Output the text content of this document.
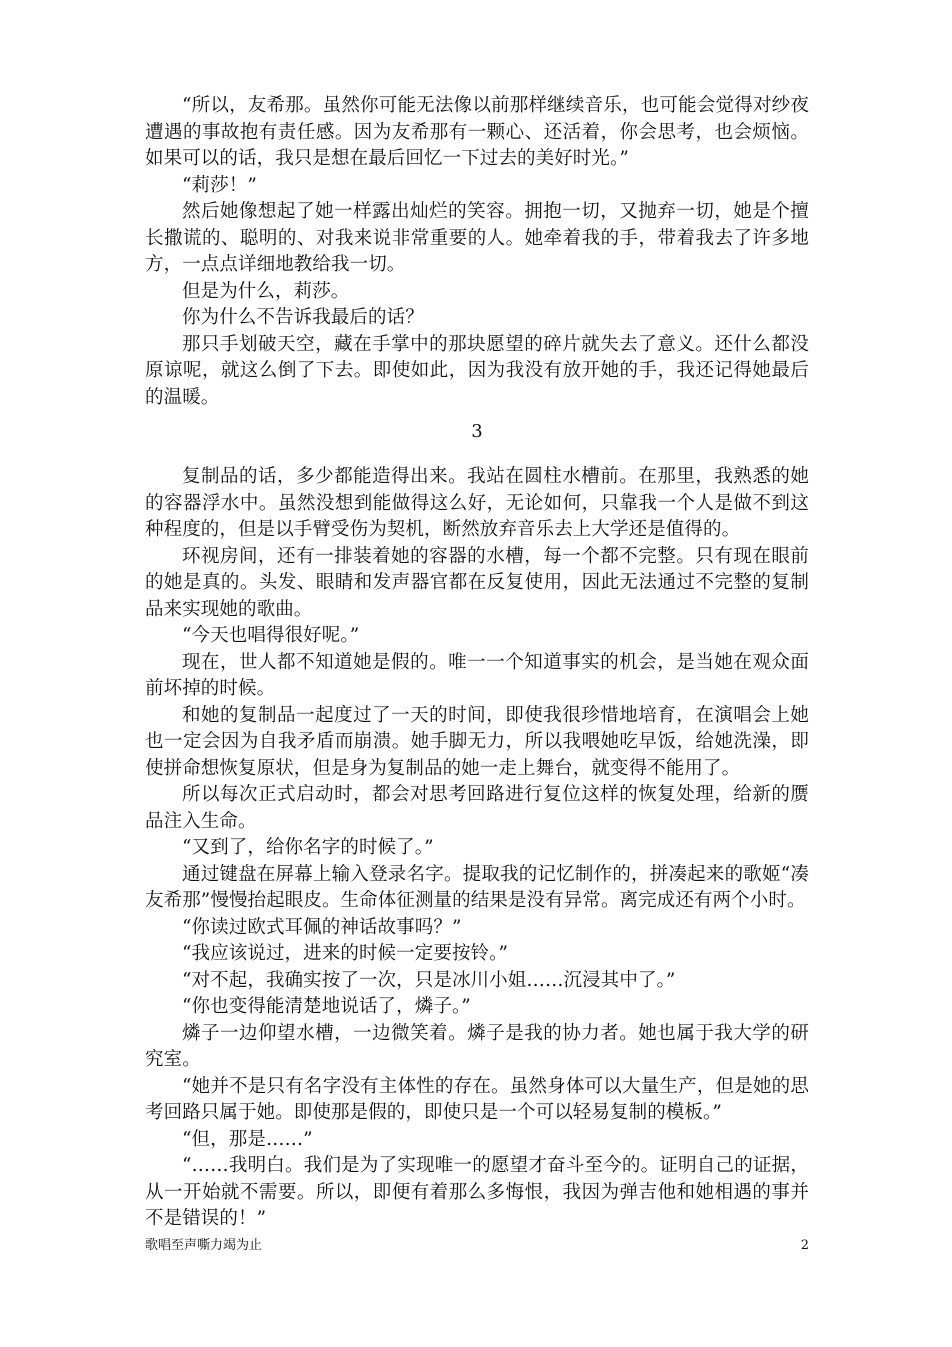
“所以，友希那。虽然你可能无法像以前那样继续音乐，也可能会觉得对纱夜遭遇的事故抱有责任感。因为友希那有一颗心、还活着，你会思考，也会烦恼。如果可以的话，我只是想在最后回忆一下过去的美好时光。”

“莉莎！”

然后她像想起了她一样露出灿烂的笑容。拥抱一切，又抛弃一切，她是个擅长撒谎的、聪明的、对我来说非常重要的人。她牵着我的手，带着我去了许多地方，一点点详细地教给我一切。

但是为什么，莉莎。

你为什么不告诉我最后的话？

那只手划破天空，藏在手掌中的那块愿望的碎片就失去了意义。还什么都没原谅呢，就这么倒了下去。即使如此，因为我没有放开她的手，我还记得她最后的温暖。

3

复制品的话，多少都能造得出来。我站在圆柱水槽前。在那里，我熟悉的她的容器浮水中。虽然没想到能做得这么好，无论如何，只靠我一个人是做不到这种程度的，但是以手臂受伤为契机，断然放弃音乐去上大学还是值得的。

环视房间，还有一排装着她的容器的水槽，每一个都不完整。只有现在眼前的她是真的。头发、眼睛和发声器官都在反复使用，因此无法通过不完整的复制品来实现她的歌曲。

“今天也唱得很好呢。”

现在，世人都不知道她是假的。唯一一个知道事实的机会，是当她在观众面前坏掉的时候。

和她的复制品一起度过了一天的时间，即使我很珍惜地培育，在演唱会上她也一定会因为自我矛盾而崩溃。她手脚无力，所以我喂她吃早饭，给她洗澡，即使拼命想恢复原状，但是身为复制品的她一走上舞台，就变得不能用了。

所以每次正式启动时，都会对思考回路进行复位这样的恢复处理，给新的赝品注入生命。

“又到了，给你名字的时候了。”

通过键盘在屏幕上输入登录名字。提取我的记忆制作的，拼凑起来的歌姬“凑友希那”慢慢抬起眼皮。生命体征测量的结果是没有异常。离完成还有两个小时。

“你读过欧式耳佩的神话故事吗？”

“我应该说过，进来的时候一定要按铃。”

“对不起，我确实按了一次，只是冰川小姐……沉浸其中了。”

“你也变得能清楚地说话了，燐子。”

燐子一边仰望水槽，一边微笑着。燐子是我的协力者。她也属于我大学的研究室。

“她并不是只有名字没有主体性的存在。虽然身体可以大量生产，但是她的思考回路只属于她。即使那是假的，即使只是一个可以轻易复制的模板。”

“但，那是……”

“……我明白。我们是为了实现唯一的愿望才奋斗至今的。证明自己的证据，从一开始就不需要。所以，即便有着那么多悔恨，我因为弹吉他和她相遇的事并不是错误的！”

歌唱至声嘶力竭为止	2
